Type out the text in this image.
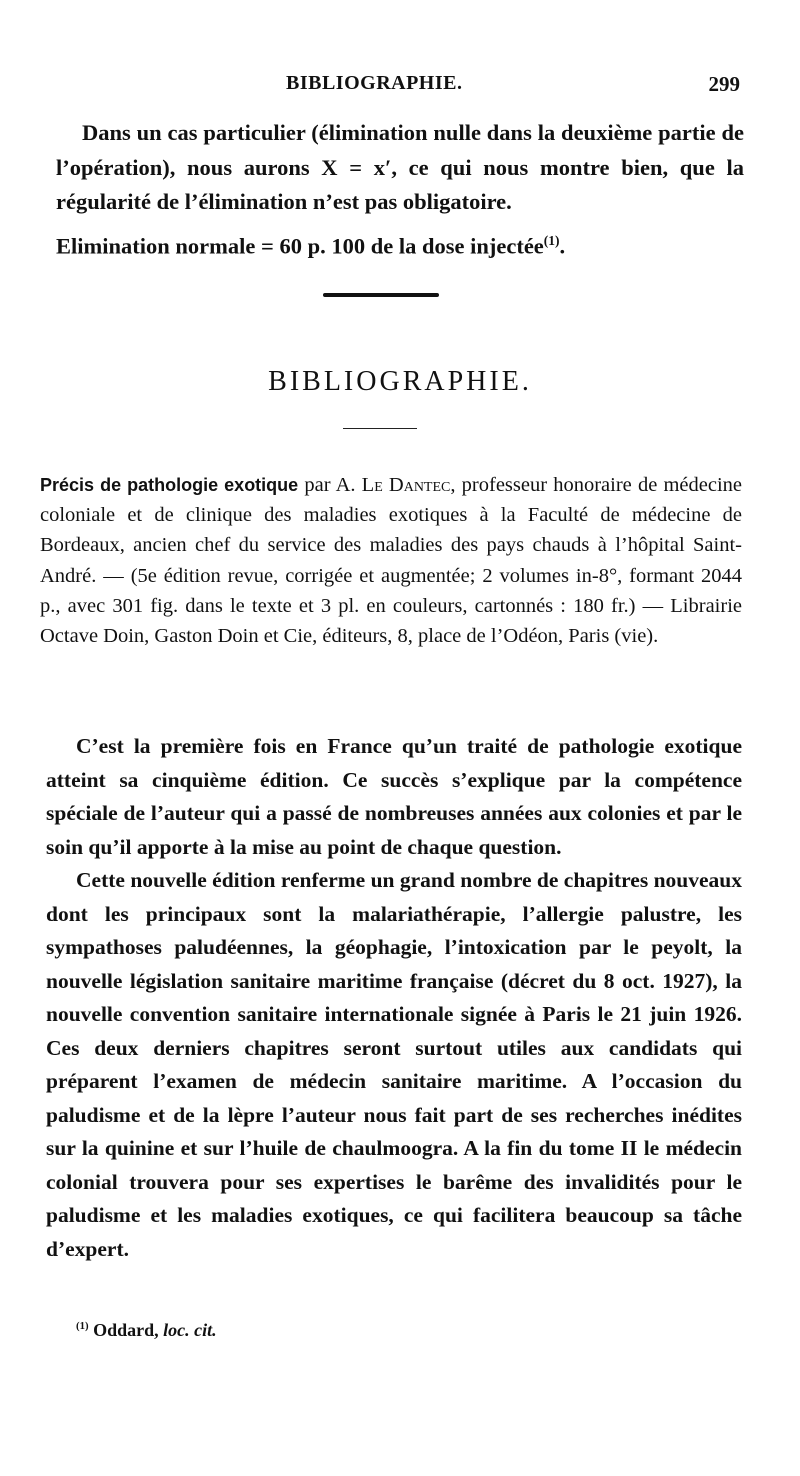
BIBLIOGRAPHIE.	299

Dans un cas particulier (élimination nulle dans la deuxième partie de l’opération), nous aurons X = x′, ce qui nous montre bien, que la régularité de l’élimination n’est pas obligatoire.

Elimination normale = 60 p. 100 de la dose injectée$^{(1)}$.

BIBLIOGRAPHIE.
Précis de pathologie exotique par A. Le Dantec, professeur honoraire de médecine coloniale et de clinique des maladies exotiques à la Faculté de médecine de Bordeaux, ancien chef du service des maladies des pays chauds à l’hôpital Saint-André. — (5e édition revue, corrigée et augmentée; 2 volumes in-8°, formant 2044 p., avec 301 fig. dans le texte et 3 pl. en couleurs, cartonnés : 180 fr.) — Librairie Octave Doin, Gaston Doin et Cie, éditeurs, 8, place de l’Odéon, Paris (vie).

C’est la première fois en France qu’un traité de pathologie exotique atteint sa cinquième édition. Ce succès s’explique par la compétence spéciale de l’auteur qui a passé de nombreuses années aux colonies et par le soin qu’il apporte à la mise au point de chaque question.

Cette nouvelle édition renferme un grand nombre de chapitres nouveaux dont les principaux sont la malariathérapie, l’allergie palustre, les sympathoses paludéennes, la géophagie, l’intoxication par le peyolt, la nouvelle législation sanitaire maritime française (décret du 8 oct. 1927), la nouvelle convention sanitaire internationale signée à Paris le 21 juin 1926. Ces deux derniers chapitres seront surtout utiles aux candidats qui préparent l’examen de médecin sanitaire maritime. A l’occasion du paludisme et de la lèpre l’auteur nous fait part de ses recherches inédites sur la quinine et sur l’huile de chaulmoogra. A la fin du tome II le médecin colonial trouvera pour ses expertises le barême des invalidités pour le paludisme et les maladies exotiques, ce qui facilitera beaucoup sa tâche d’expert.

$^{(1)}$ Oddard, loc. cit.
